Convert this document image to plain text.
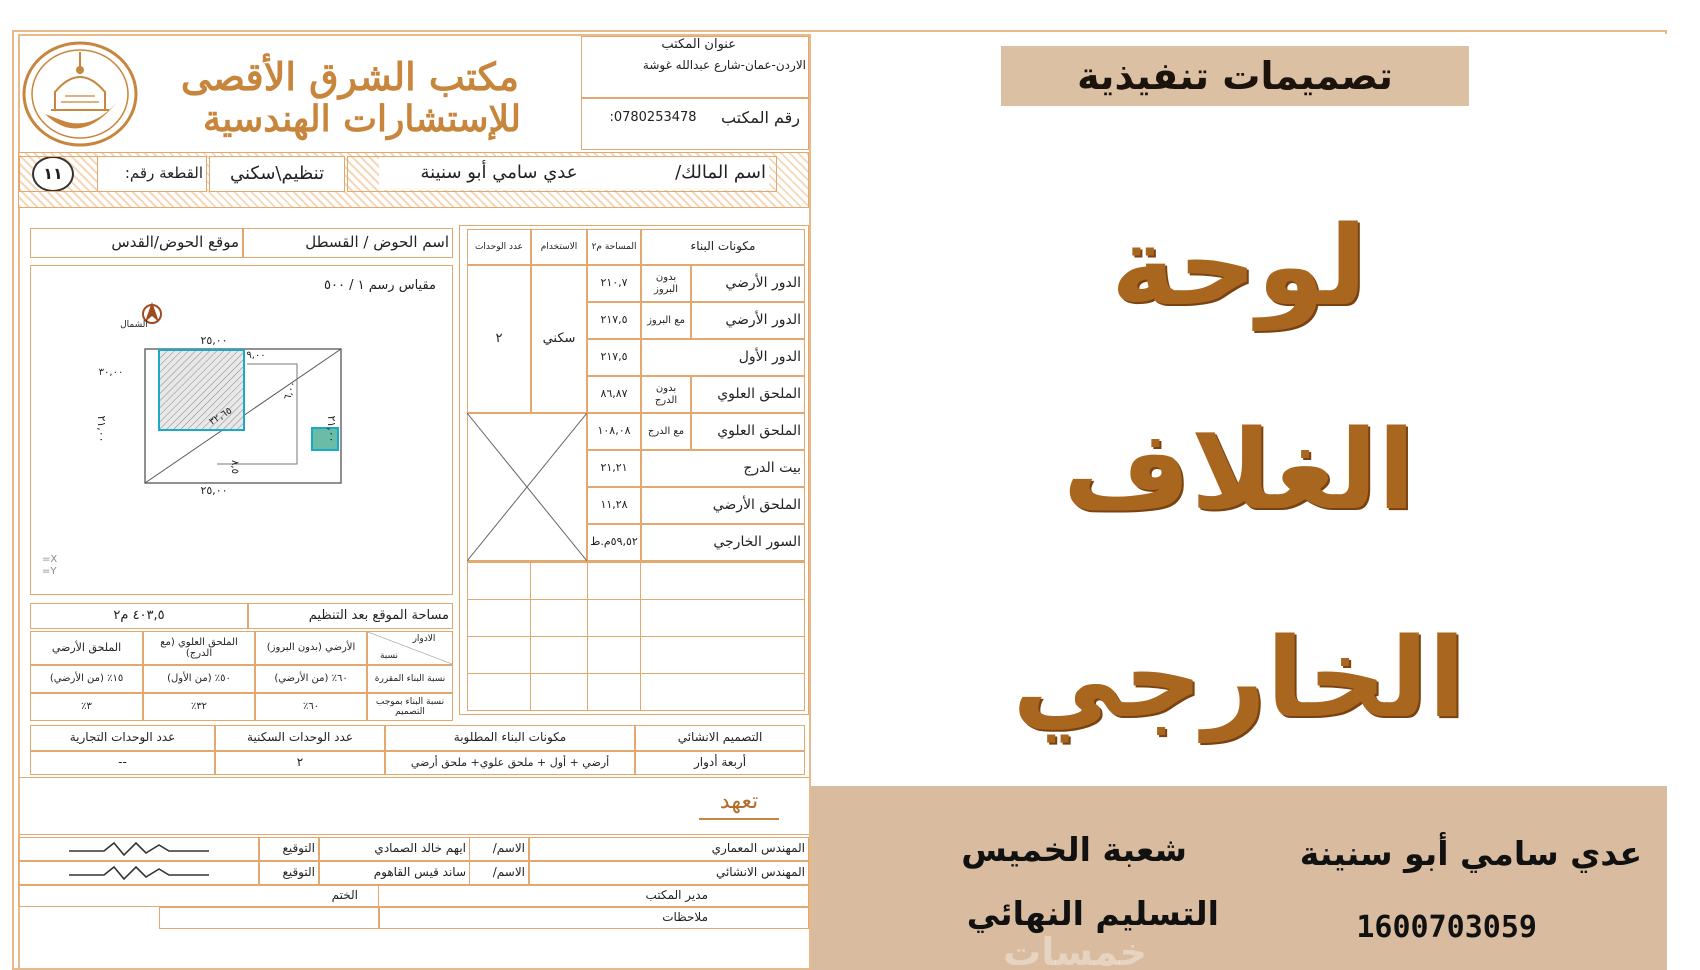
مكتب الشرق الأقصى
للإستشارات الهندسية
عنوان المكتب
الاردن-عمان-شارع عبدالله غوشة
رقم المكتب
0780253478:
اسم المالك/
عدي سامي أبو سنينة
تنظيم\سكني
القطعة رقم:
١١
اسم الحوض / القسطل
موقع الحوض/القدس
مقياس رسم ١ / ٥٠٠
الشمال
٢٥,٠٠
٢٥,٠٠
٢١,٠٠	٢١,٠٠
٣٠,٠٠
٩,٠٠
٦,٠٠
٣٢,٦٥
٨,٥
X=
Y=
مكونات البناء
المساحة م٢
الاستخدام
عدد الوحدات
سكني
٢
الدور الأرضي
بدون البروز
٢١٠,٧
الدور الأرضي
مع البروز
٢١٧,٥
الدور الأول
٢١٧,٥
الملحق العلوي
بدون الدرج
٨٦,٨٧
الملحق العلوي
مع الدرج
١٠٨,٠٨
بيت الدرج
٢١,٢١
الملحق الأرضي
١١,٢٨
السور الخارجي
٥٩,٥٢م.ط
مساحة الموقع بعد التنظيم
٤٠٣,٥ م٢
الادوار
نسبة
الأرضي (بدون البروز)
الملحق العلوي (مع الدرج)
الملحق الأرضي
نسبة البناء المقررة
٦٠٪ (من الأرضي)
٥٠٪ (من الأول)
١٥٪ (من الأرضي)
نسبة البناء بموجب التصميم
٦٠٪
٣٢٪
٣٪
التصميم الانشائي
مكونات البناء المطلوبة
عدد الوحدات السكنية
عدد الوحدات التجارية
أربعة أدوار
أرضي + أول + ملحق علوي+ ملحق أرضي
٢
--
تعهد
المهندس المعماري
الاسم/
ايهم خالد الصمادي
التوقيع
المهندس الانشائي
الاسم/
ساند قيس القاهوم
التوقيع
مدير المكتب
الختم
ملاحظات
تصميمات تنفيذية
لوحة
الغلاف
الخارجي
عدي سامي أبو سنينة
1600703059
شعبة الخميس
التسليم النهائي
خمسات
